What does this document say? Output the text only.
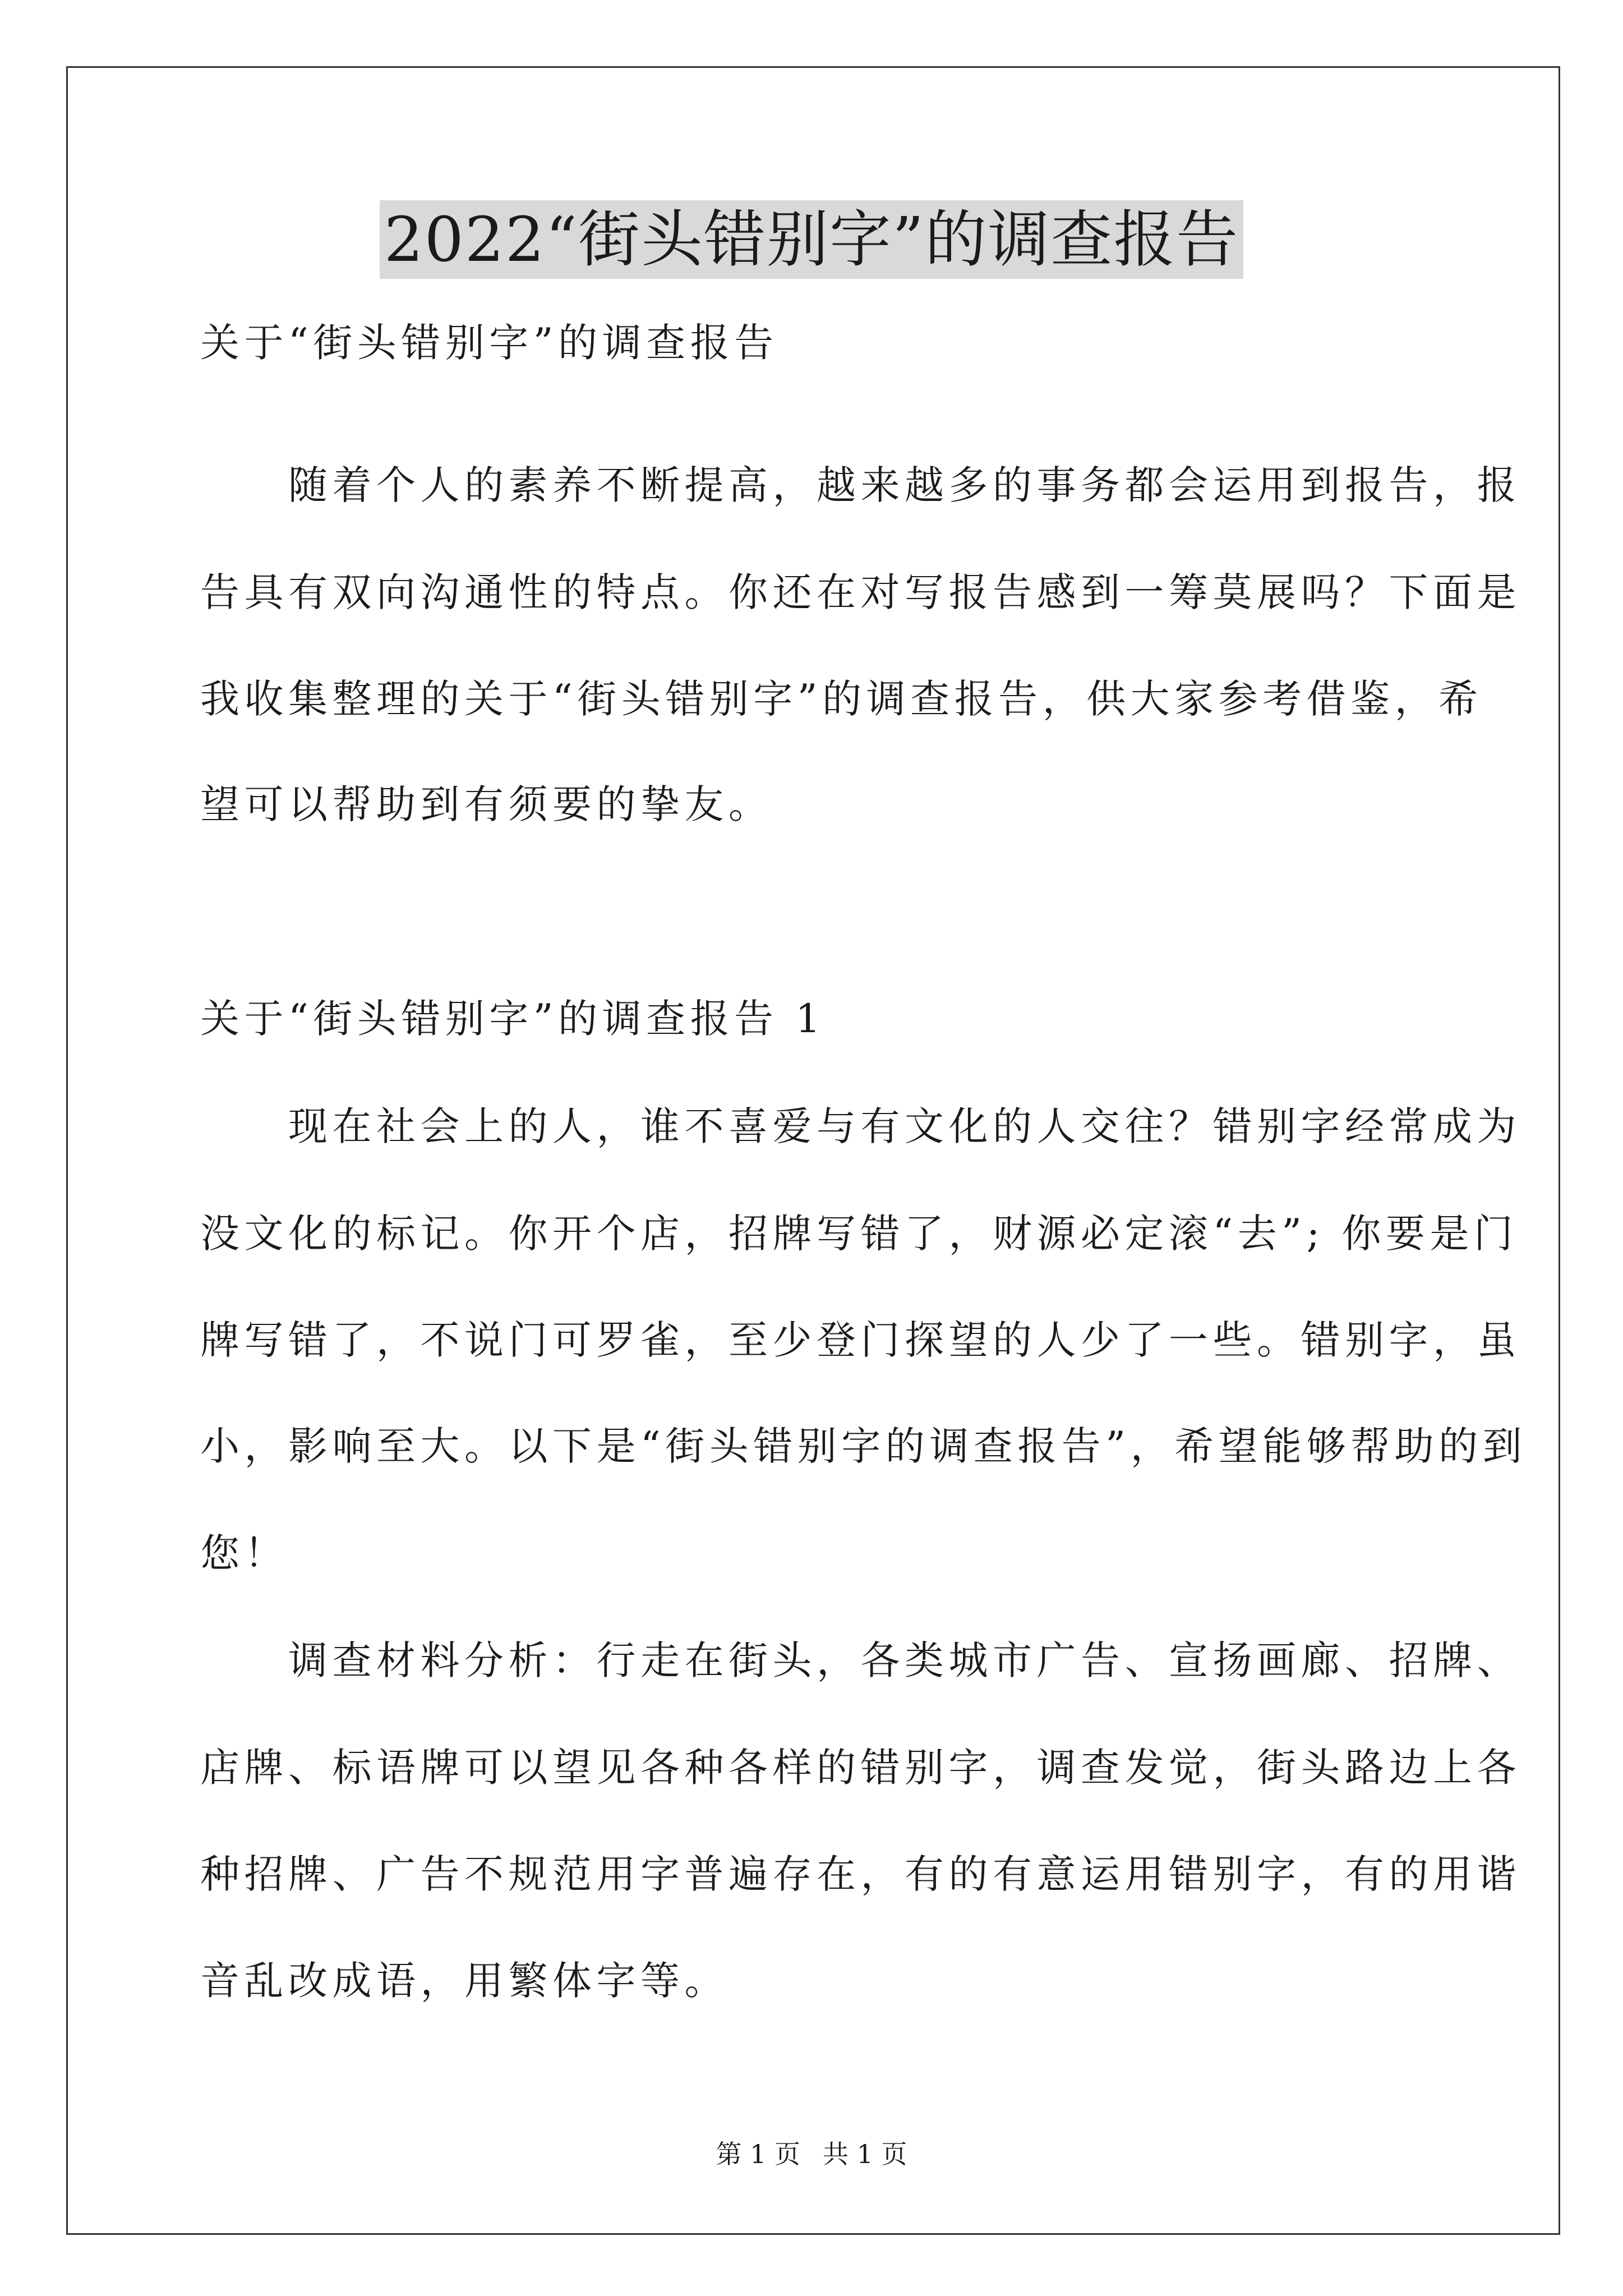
2022“街头错别字”的调查报告
关于“街头错别字”的调查报告
　　随着个人的素养不断提高，越来越多的事务都会运用到报告，报
告具有双向沟通性的特点。你还在对写报告感到一筹莫展吗？下面是
我收集整理的关于“街头错别字”的调查报告，供大家参考借鉴，希
望可以帮助到有须要的挚友。
关于“街头错别字”的调查报告 1
　　现在社会上的人，谁不喜爱与有文化的人交往？错别字经常成为
没文化的标记。你开个店，招牌写错了，财源必定滚“去”; 你要是门
牌写错了，不说门可罗雀，至少登门探望的人少了一些。错别字，虽
小，影响至大。以下是“街头错别字的调查报告”，希望能够帮助的到
您！
　　调查材料分析：行走在街头，各类城市广告、宣扬画廊、招牌、
店牌、标语牌可以望见各种各样的错别字，调查发觉，街头路边上各
种招牌、广告不规范用字普遍存在，有的有意运用错别字，有的用谐
音乱改成语，用繁体字等。
第 1 页 共 1 页
